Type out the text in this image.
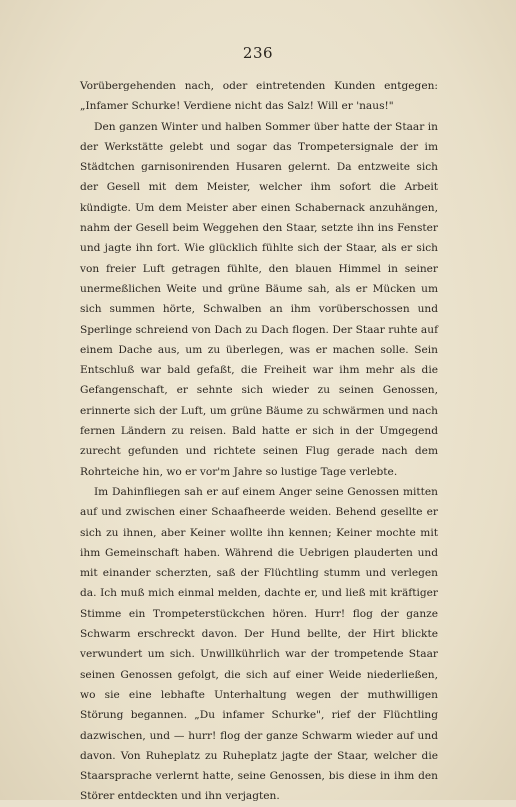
236

Vorübergehenden nach, oder eintretenden Kunden entgegen: „Infamer Schurke! Verdiene nicht das Salz! Will er 'naus!"

Den ganzen Winter und halben Sommer über hatte der Staar in der Werkstätte gelebt und sogar das Trompetersignale der im Städtchen garnisonirenden Husaren gelernt. Da entzweite sich der Gesell mit dem Meister, welcher ihm sofort die Arbeit kündigte. Um dem Meister aber einen Schabernack anzuhängen, nahm der Gesell beim Weggehen den Staar, setzte ihn ins Fenster und jagte ihn fort. Wie glücklich fühlte sich der Staar, als er sich von freier Luft getragen fühlte, den blauen Himmel in seiner unermeßlichen Weite und grüne Bäume sah, als er Mücken um sich summen hörte, Schwalben an ihm vorüberschossen und Sperlinge schreiend von Dach zu Dach flogen. Der Staar ruhte auf einem Dache aus, um zu überlegen, was er machen solle. Sein Entschluß war bald gefaßt, die Freiheit war ihm mehr als die Gefangenschaft, er sehnte sich wieder zu seinen Genossen, erinnerte sich der Luft, um grüne Bäume zu schwärmen und nach fernen Ländern zu reisen. Bald hatte er sich in der Umgegend zurecht gefunden und richtete seinen Flug gerade nach dem Rohrteiche hin, wo er vor'm Jahre so lustige Tage verlebte.

Im Dahinfliegen sah er auf einem Anger seine Genossen mitten auf und zwischen einer Schaafheerde weiden. Behend gesellte er sich zu ihnen, aber Keiner wollte ihn kennen; Keiner mochte mit ihm Gemeinschaft haben. Während die Uebrigen plauderten und mit einander scherzten, saß der Flüchtling stumm und verlegen da. Ich muß mich einmal melden, dachte er, und ließ mit kräftiger Stimme ein Trompeterstückchen hören. Hurr! flog der ganze Schwarm erschreckt davon. Der Hund bellte, der Hirt blickte verwundert um sich. Unwillkührlich war der trompetende Staar seinen Genossen gefolgt, die sich auf einer Weide niederließen, wo sie eine lebhafte Unterhaltung wegen der muthwilligen Störung begannen. „Du infamer Schurke", rief der Flüchtling dazwischen, und — hurr! flog der ganze Schwarm wieder auf und davon. Von Ruheplatz zu Ruheplatz jagte der Staar, welcher die Staarsprache verlernt hatte, seine Genossen, bis diese in ihm den Störer entdeckten und ihn verjagten.
